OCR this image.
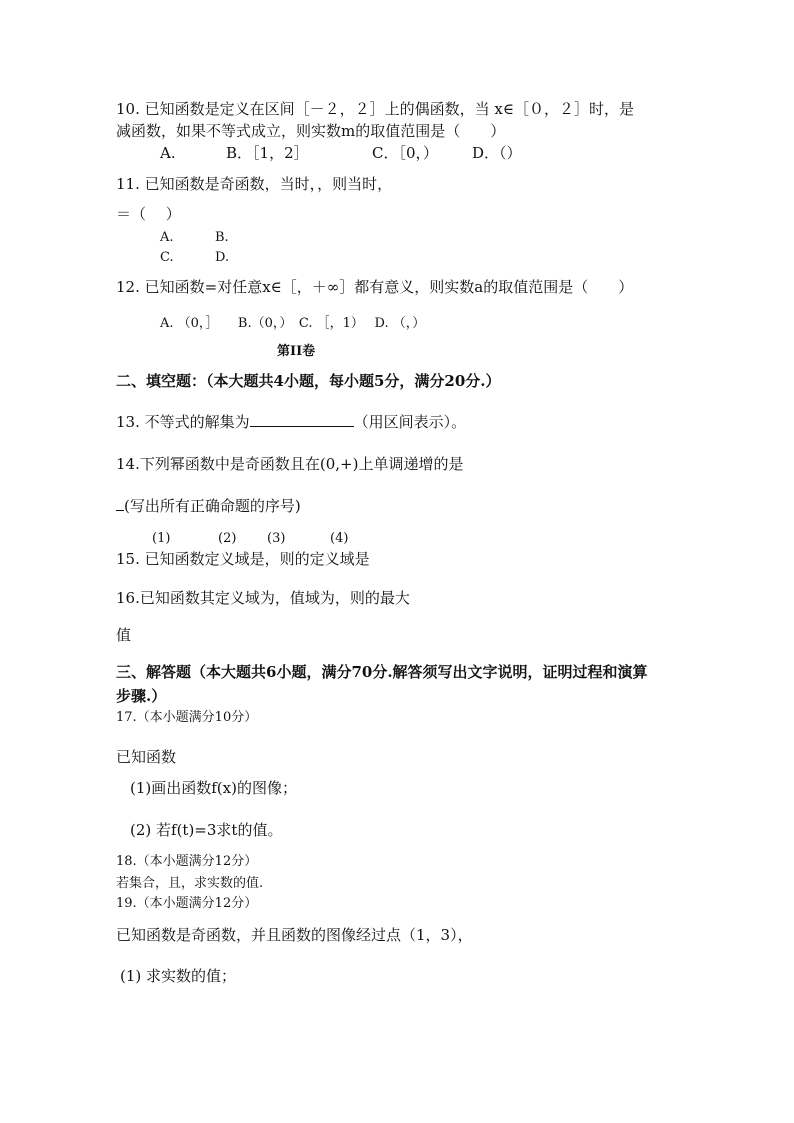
10. 已知函数是定义在区间［－２，２］上的偶函数，当 x∈［０，２］时，是
减函数，如果不等式成立，则实数m的取值范围是（　　）
A.	B．［1，2］	C．［0，） D．（）
11. 已知函数是奇函数，当时，，则当时，
＝（　 ）
A.	B.
C.	D.
12. 已知函数=对任意x∈［，＋∞］都有意义，则实数a的取值范围是（　　）
A. （0，］　　B.（0，）　C. ［，1）　 D. （，）
第II卷
二、填空题：（本大题共4小题，每小题5分，满分20分.）
13. 不等式的解集为	（用区间表示）。
14.下列幂函数中是奇函数且在(0,+)上单调递增的是
(写出所有正确命题的序号)
(1)	(2) (3)	(4)
15. 已知函数定义域是，则的定义域是
16.已知函数其定义域为，值域为，则的最大
值
三、解答题（本大题共6小题，满分70分.解答须写出文字说明，证明过程和演算
步骤.）
17.（本小题满分10分）
已知函数
(1)画出函数f(x)的图像；
(2) 若f(t)=3求t的值。
18.（本小题满分12分）
若集合，且，求实数的值.
19.（本小题满分12分）
已知函数是奇函数，并且函数的图像经过点（1，3），
(1) 求实数的值；
